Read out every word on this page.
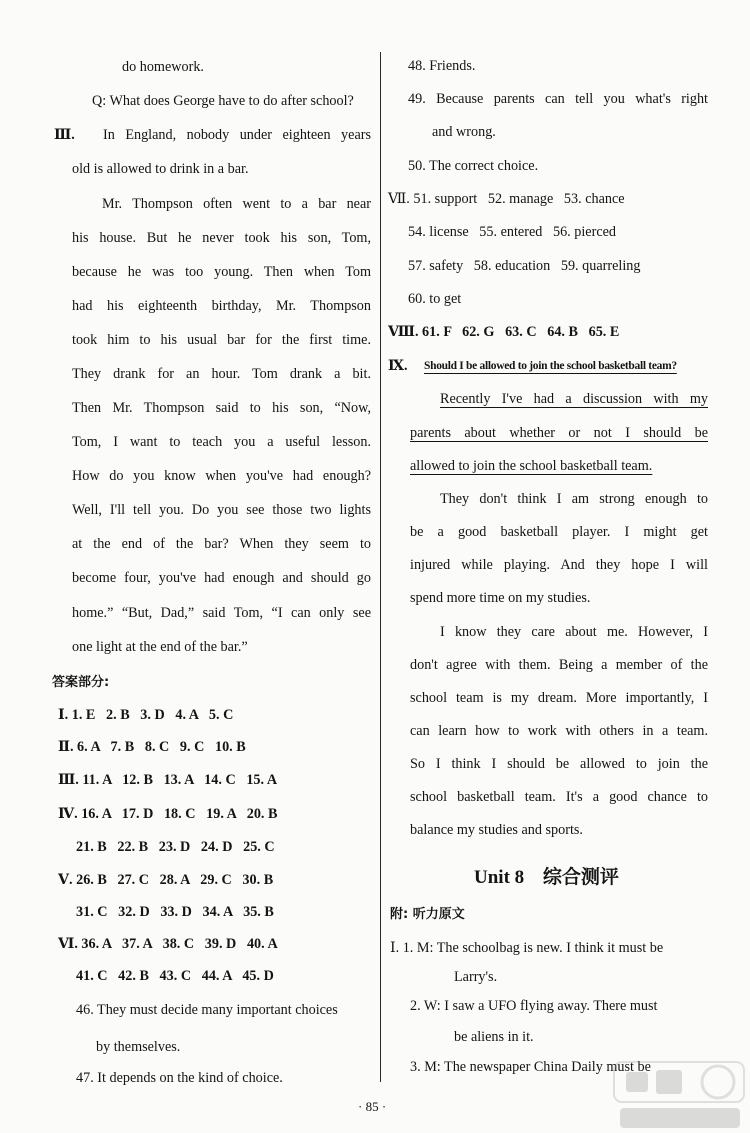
do homework.
Q: What does George have to do after school?
Ⅲ. In England, nobody under eighteen years
old is allowed to drink in a bar.
Mr. Thompson often went to a bar near
his house. But he never took his son, Tom,
because he was too young. Then when Tom
had his eighteenth birthday, Mr. Thompson
took him to his usual bar for the first time.
They drank for an hour. Tom drank a bit.
Then Mr. Thompson said to his son, “Now,
Tom, I want to teach you a useful lesson.
How do you know when you've had enough?
Well, I'll tell you. Do you see those two lights
at the end of the bar? When they seem to
become four, you've had enough and should go
home.” “But, Dad,” said Tom, “I can only see
one light at the end of the bar.”
答案部分:
Ⅰ. 1. E   2. B   3. D   4. A   5. C
Ⅱ. 6. A   7. B   8. C   9. C   10. B
Ⅲ. 11. A   12. B   13. A   14. C   15. A
Ⅳ. 16. A   17. D   18. C   19. A   20. B
21. B   22. B   23. D   24. D   25. C
Ⅴ. 26. B   27. C   28. A   29. C   30. B
31. C   32. D   33. D   34. A   35. B
Ⅵ. 36. A   37. A   38. C   39. D   40. A
41. C   42. B   43. C   44. A   45. D
46. They must decide many important choices
by themselves.
47. It depends on the kind of choice.
48. Friends.
49. Because parents can tell you what's right
and wrong.
50. The correct choice.
Ⅶ. 51. support   52. manage   53. chance
54. license   55. entered   56. pierced
57. safety   58. education   59. quarreling
60. to get
Ⅷ. 61. F   62. G   63. C   64. B   65. E
Ⅸ. Should I be allowed to join the school basketball team?
Recently I've had a discussion with my
parents about whether or not I should be
allowed to join the school basketball team.
They don't think I am strong enough to
be a good basketball player. I might get
injured while playing. And they hope I will
spend more time on my studies.
I know they care about me. However, I
don't agree with them. Being a member of the
school team is my dream. More importantly, I
can learn how to work with others in a team.
So I think I should be allowed to join the
school basketball team. It's a good chance to
balance my studies and sports.
Unit 8 综合测评
附: 听力原文
Ⅰ. 1. M: The schoolbag is new. I think it must be
Larry's.
2. W: I saw a UFO flying away. There must
be aliens in it.
3. M: The newspaper China Daily must be
· 85 ·
